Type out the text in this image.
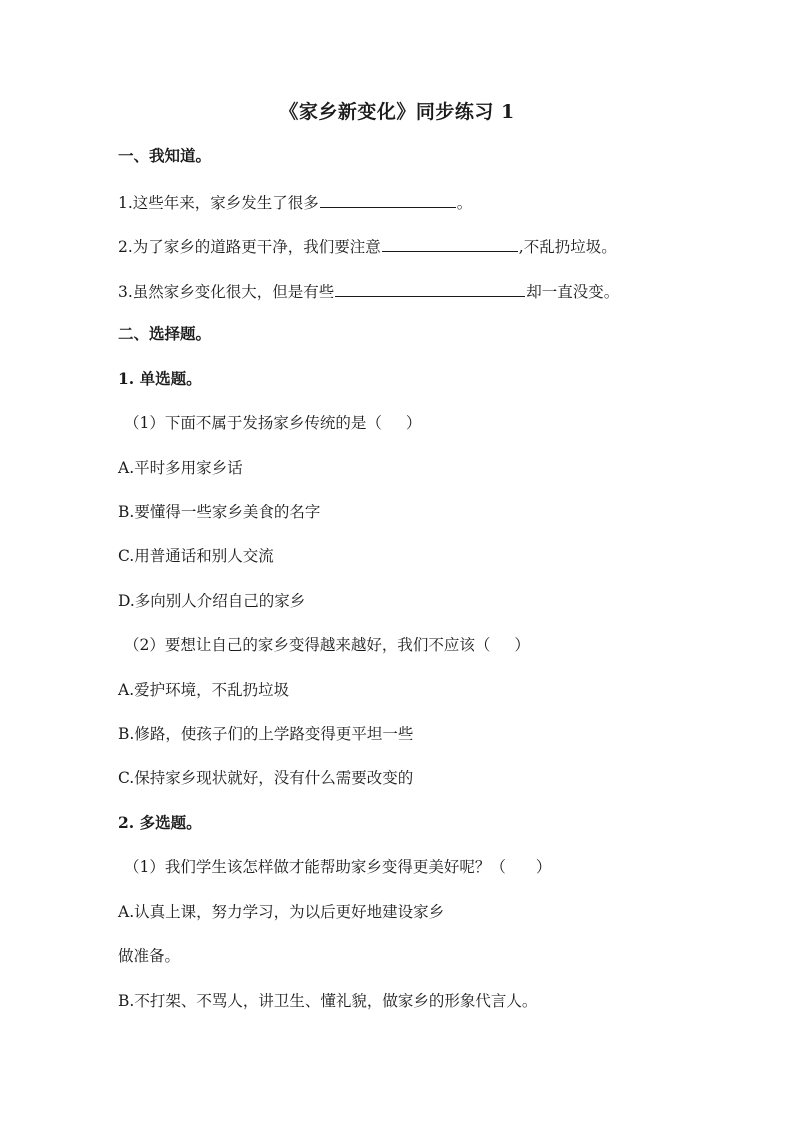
《家乡新变化》同步练习 1
一、我知道。
1.这些年来，家乡发生了很多	。
2.为了家乡的道路更干净，我们要注意	,不乱扔垃圾。
3.虽然家乡变化很大，但是有些	却一直没变。
二、选择题。
1. 单选题。
（1）下面不属于发扬家乡传统的是（ ）
A.平时多用家乡话
B.要懂得一些家乡美食的名字
C.用普通话和别人交流
D.多向别人介绍自己的家乡
（2）要想让自己的家乡变得越来越好，我们不应该（ ）
A.爱护环境，不乱扔垃圾
B.修路，使孩子们的上学路变得更平坦一些
C.保持家乡现状就好，没有什么需要改变的
2. 多选题。
（1）我们学生该怎样做才能帮助家乡变得更美好呢？（ ）
A.认真上课，努力学习，为以后更好地建设家乡
做准备。
B.不打架、不骂人，讲卫生、懂礼貌，做家乡的形象代言人。
